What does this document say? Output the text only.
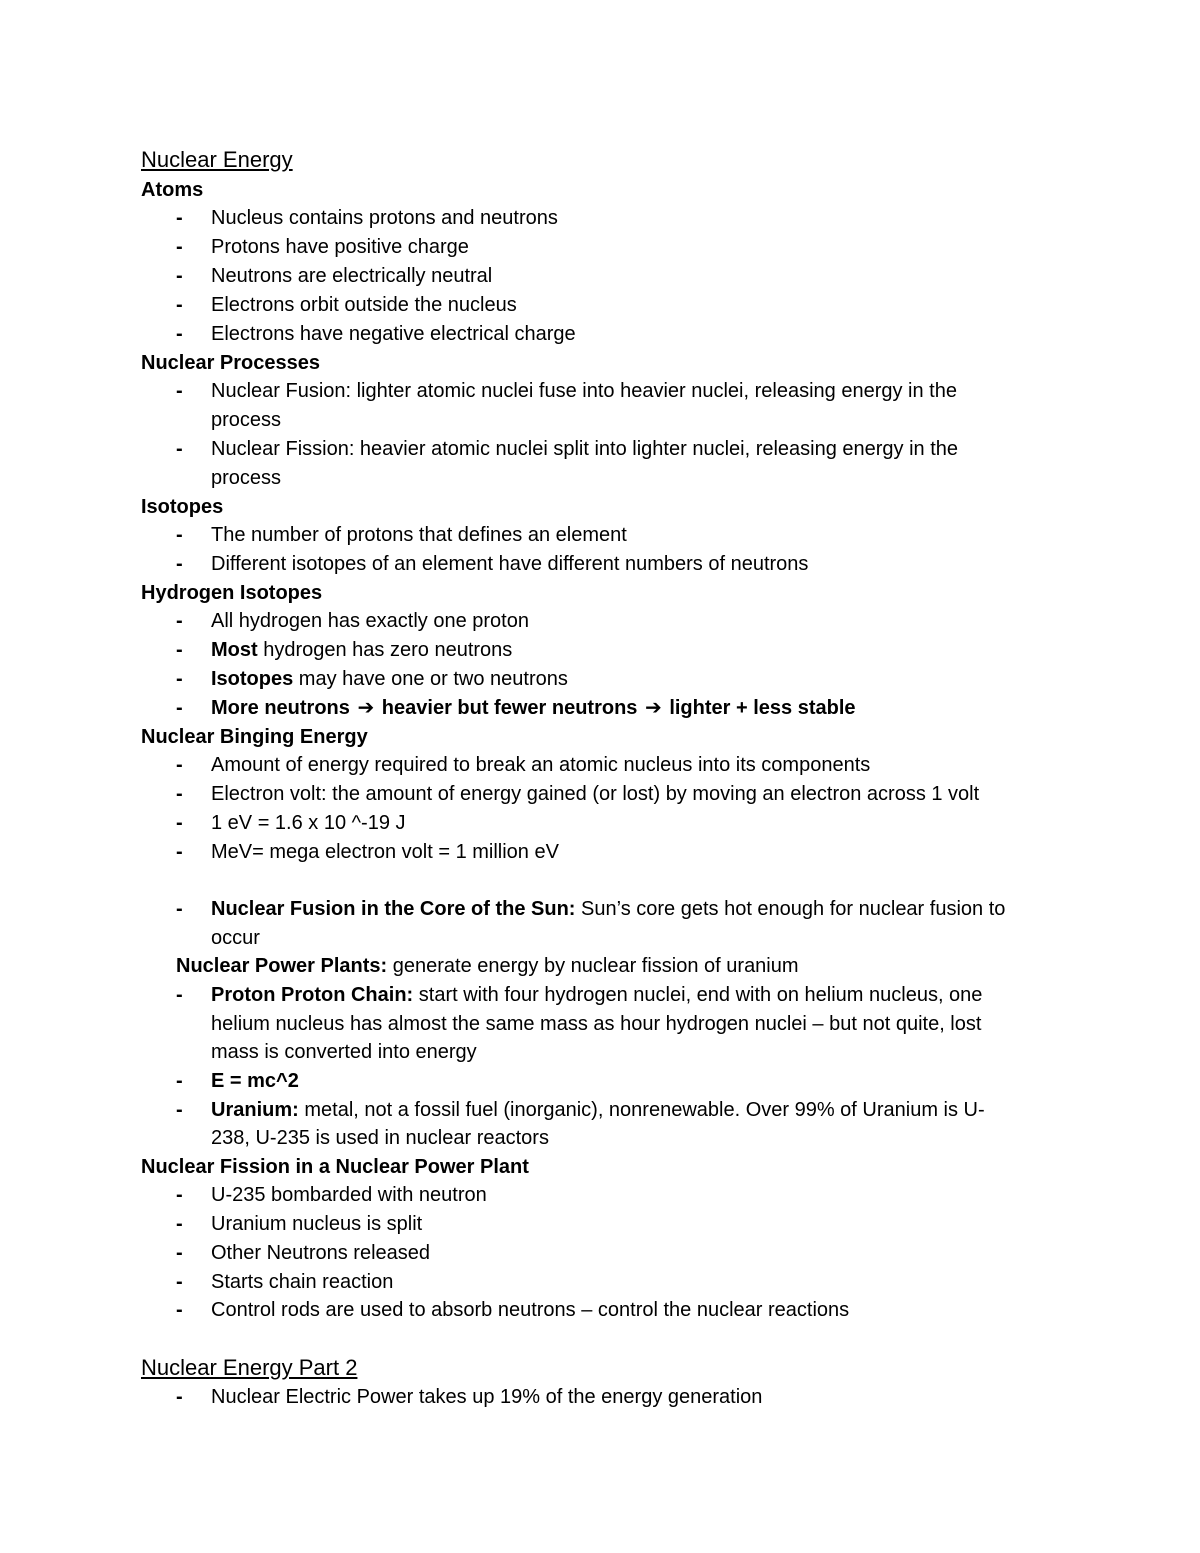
Nuclear Energy
Atoms
- Nucleus contains protons and neutrons
- Protons have positive charge
- Neutrons are electrically neutral
- Electrons orbit outside the nucleus
- Electrons have negative electrical charge
Nuclear Processes
- Nuclear Fusion: lighter atomic nuclei fuse into heavier nuclei, releasing energy in the
process
- Nuclear Fission: heavier atomic nuclei split into lighter nuclei, releasing energy in the
process
Isotopes
- The number of protons that defines an element
- Different isotopes of an element have different numbers of neutrons
Hydrogen Isotopes
- All hydrogen has exactly one proton
- Most hydrogen has zero neutrons
- Isotopes may have one or two neutrons
- More neutrons ➔ heavier but fewer neutrons ➔ lighter + less stable
Nuclear Binging Energy
- Amount of energy required to break an atomic nucleus into its components
- Electron volt: the amount of energy gained (or lost) by moving an electron across 1 volt
- 1 eV = 1.6 x 10 ^-19 J
- MeV= mega electron volt = 1 million eV
- Nuclear Fusion in the Core of the Sun: Sun’s core gets hot enough for nuclear fusion to
occur
Nuclear Power Plants: generate energy by nuclear fission of uranium
- Proton Proton Chain: start with four hydrogen nuclei, end with on helium nucleus, one
helium nucleus has almost the same mass as hour hydrogen nuclei – but not quite, lost
mass is converted into energy
- E = mc^2
- Uranium: metal, not a fossil fuel (inorganic), nonrenewable. Over 99% of Uranium is U-
238, U-235 is used in nuclear reactors
Nuclear Fission in a Nuclear Power Plant
- U-235 bombarded with neutron
- Uranium nucleus is split
- Other Neutrons released
- Starts chain reaction
- Control rods are used to absorb neutrons – control the nuclear reactions
Nuclear Energy Part 2
- Nuclear Electric Power takes up 19% of the energy generation
